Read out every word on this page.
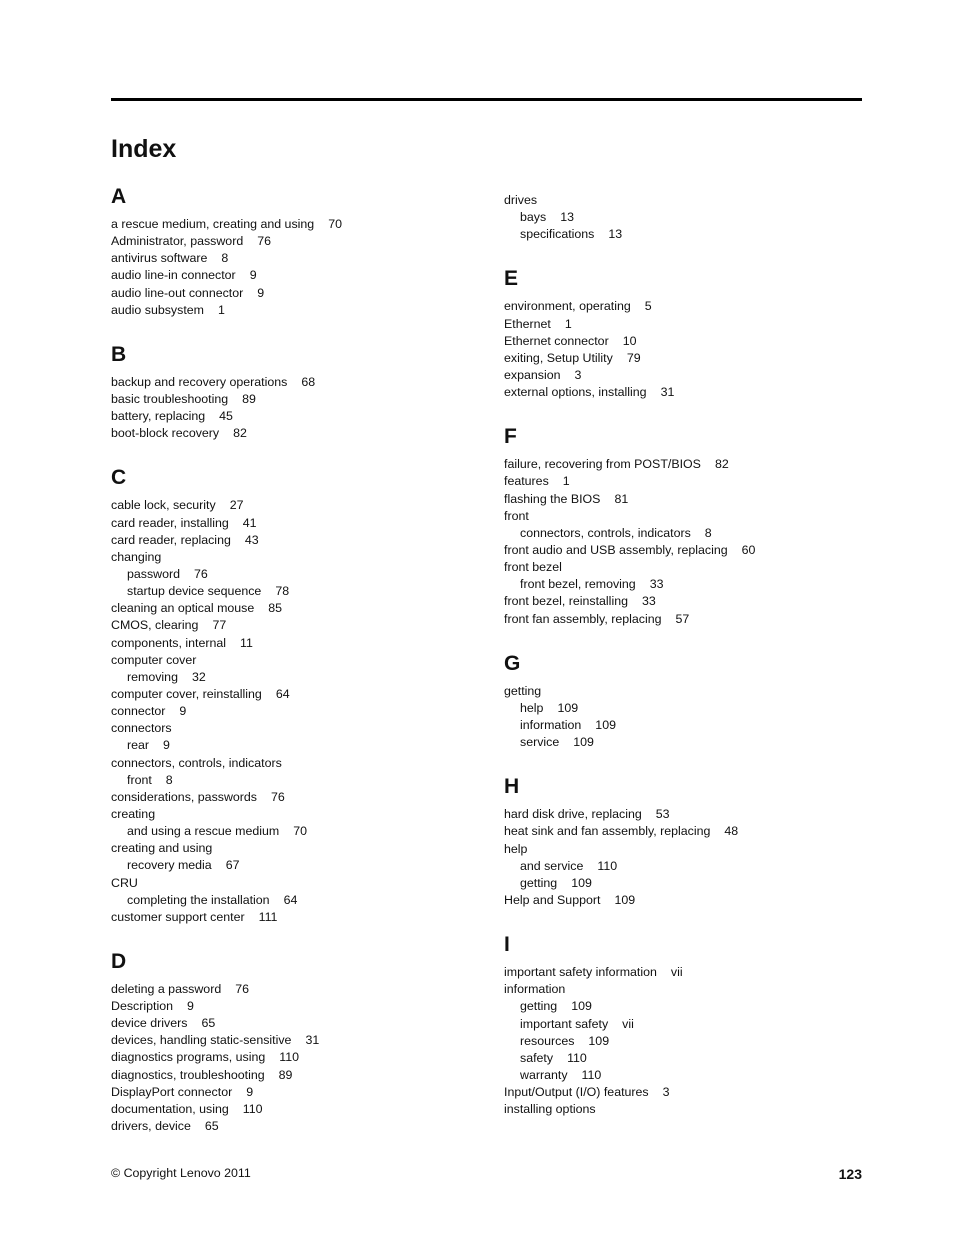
Index
A
a rescue medium, creating and using 70
Administrator, password 76
antivirus software 8
audio line-in connector 9
audio line-out connector 9
audio subsystem 1
B
backup and recovery operations 68
basic troubleshooting 89
battery, replacing 45
boot-block recovery 82
C
cable lock, security 27
card reader, installing 41
card reader, replacing 43
changing
password 76
startup device sequence 78
cleaning an optical mouse 85
CMOS, clearing 77
components, internal 11
computer cover
removing 32
computer cover, reinstalling 64
connector 9
connectors
rear 9
connectors, controls, indicators
front 8
considerations, passwords 76
creating
and using a rescue medium 70
creating and using
recovery media 67
CRU
completing the installation 64
customer support center 111
D
deleting a password 76
Description 9
device drivers 65
devices, handling static-sensitive 31
diagnostics programs, using 110
diagnostics, troubleshooting 89
DisplayPort connector 9
documentation, using 110
drivers, device 65
drives
bays 13
specifications 13
E
environment, operating 5
Ethernet 1
Ethernet connector 10
exiting, Setup Utility 79
expansion 3
external options, installing 31
F
failure, recovering from POST/BIOS 82
features 1
flashing the BIOS 81
front
connectors, controls, indicators 8
front audio and USB assembly, replacing 60
front bezel
front bezel, removing 33
front bezel, reinstalling 33
front fan assembly, replacing 57
G
getting
help 109
information 109
service 109
H
hard disk drive, replacing 53
heat sink and fan assembly, replacing 48
help
and service 110
getting 109
Help and Support 109
I
important safety information vii
information
getting 109
important safety vii
resources 109
safety 110
warranty 110
Input/Output (I/O) features 3
installing options
© Copyright Lenovo 2011	123
